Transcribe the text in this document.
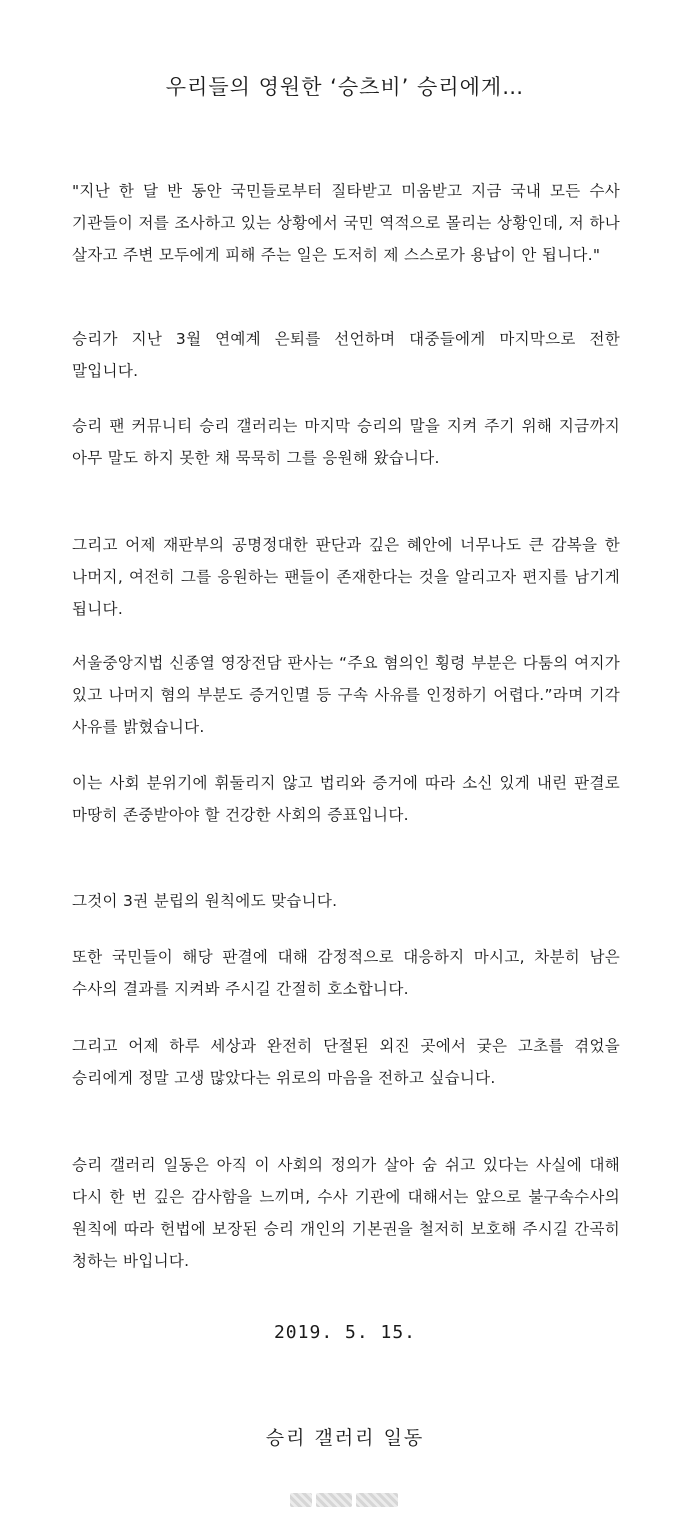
우리들의 영원한 ‘승츠비’ 승리에게…

"지난 한 달 반 동안 국민들로부터 질타받고 미움받고 지금 국내 모든 수사 기관들이 저를 조사하고 있는 상황에서 국민 역적으로 몰리는 상황인데, 저 하나 살자고 주변 모두에게 피해 주는 일은 도저히 제 스스로가 용납이 안 됩니다."

승리가 지난 3월 연예계 은퇴를 선언하며 대중들에게 마지막으로 전한 말입니다.

승리 팬 커뮤니티 승리 갤러리는 마지막 승리의 말을 지켜 주기 위해 지금까지 아무 말도 하지 못한 채 묵묵히 그를 응원해 왔습니다.

그리고 어제 재판부의 공명정대한 판단과 깊은 혜안에 너무나도 큰 감복을 한 나머지, 여전히 그를 응원하는 팬들이 존재한다는 것을 알리고자 편지를 남기게 됩니다.

서울중앙지법 신종열 영장전담 판사는 “주요 혐의인 횡령 부분은 다툼의 여지가 있고 나머지 혐의 부분도 증거인멸 등 구속 사유를 인정하기 어렵다.”라며 기각 사유를 밝혔습니다.

이는 사회 분위기에 휘둘리지 않고 법리와 증거에 따라 소신 있게 내린 판결로 마땅히 존중받아야 할 건강한 사회의 증표입니다.

그것이 3권 분립의 원칙에도 맞습니다.

또한 국민들이 해당 판결에 대해 감정적으로 대응하지 마시고, 차분히 남은 수사의 결과를 지켜봐 주시길 간절히 호소합니다.

그리고 어제 하루 세상과 완전히 단절된 외진 곳에서 궂은 고초를 겪었을 승리에게 정말 고생 많았다는 위로의 마음을 전하고 싶습니다.

승리 갤러리 일동은 아직 이 사회의 정의가 살아 숨 쉬고 있다는 사실에 대해 다시 한 번 깊은 감사함을 느끼며, 수사 기관에 대해서는 앞으로 불구속수사의 원칙에 따라 헌법에 보장된 승리 개인의 기본권을 철저히 보호해 주시길 간곡히 청하는 바입니다.

2019. 5. 15.

승리 갤러리 일동
